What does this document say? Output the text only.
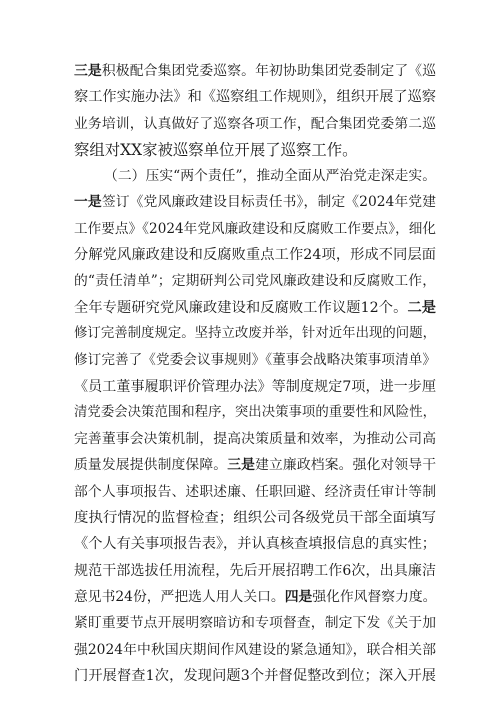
三是积极配合集团党委巡察。年初协助集团党委制定了《巡
察工作实施办法》和《巡察组工作规则》，组织开展了巡察
业务培训，认真做好了巡察各项工作，配合集团党委第二巡
察组对XX家被巡察单位开展了巡察工作。
（二）压实“两个责任”，推动全面从严治党走深走实。
一是签订《党风廉政建设目标责任书》，制定《2024年党建
工作要点》《2024年党风廉政建设和反腐败工作要点》，细化
分解党风廉政建设和反腐败重点工作24项，形成不同层面
的“责任清单”；定期研判公司党风廉政建设和反腐败工作，
全年专题研究党风廉政建设和反腐败工作议题12个。二是
修订完善制度规定。坚持立改废并举，针对近年出现的问题，
修订完善了《党委会议事规则》《董事会战略决策事项清单》
《员工董事履职评价管理办法》等制度规定7项，进一步厘
清党委会决策范围和程序，突出决策事项的重要性和风险性，
完善董事会决策机制，提高决策质量和效率，为推动公司高
质量发展提供制度保障。三是建立廉政档案。强化对领导干
部个人事项报告、述职述廉、任职回避、经济责任审计等制
度执行情况的监督检查；组织公司各级党员干部全面填写
《个人有关事项报告表》，并认真核查填报信息的真实性；
规范干部选拔任用流程，先后开展招聘工作6次，出具廉洁
意见书24份，严把选人用人关口。四是强化作风督察力度。
紧盯重要节点开展明察暗访和专项督查，制定下发《关于加
强2024年中秋国庆期间作风建设的紧急通知》，联合相关部
门开展督查1次，发现问题3个并督促整改到位；深入开展
